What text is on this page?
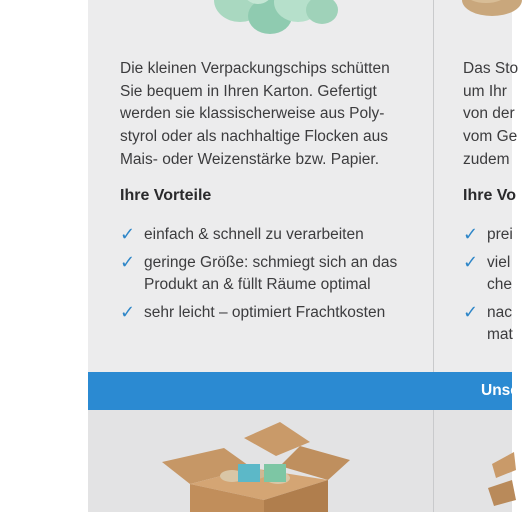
Die kleinen Verpackungschips schütten
Sie bequem in Ihren Karton. Gefertigt
werden sie klassischerweise aus Poly-
styrol oder als nachhaltige Flocken aus
Mais- oder Weizenstärke bzw. Papier.
Das Sto
um Ihr
von der
vom Ge
zudem
Ihre Vorteile	Ihre Vo
✓ einfach & schnell zu verarbeiten
✓ geringe Größe: schmiegt sich an das
Produkt an & füllt Räume optimal
✓ sehr leicht – optimiert Frachtkosten
✓ prei
✓ viel
che
✓ nac
mat
Unse
